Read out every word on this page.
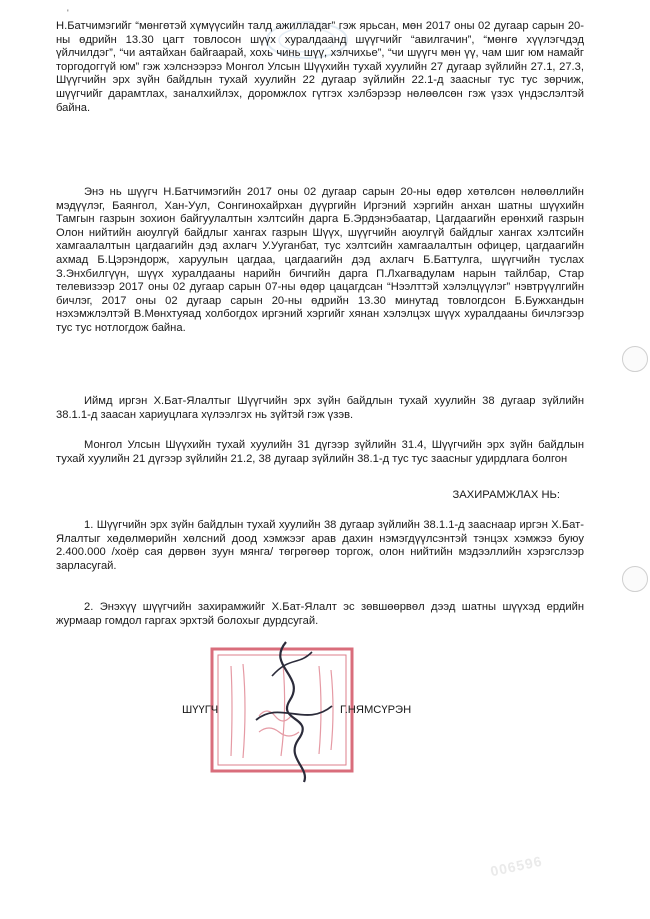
'

Н.Батчимэгийг “мөнгөтэй хүмүүсийн талд ажилладаг” гэж ярьсан, мөн 2017 оны 02 дугаар сарын 20-ны өдрийн 13.30 цагт товлосон шүүх хуралдаанд шүүгчийг “авилгачин”, “мөнгө хүүлэгчдэд үйлчилдэг”, “чи аятайхан байгаарай, хохь чинь шүү, хэлчихье”, “чи шүүгч мөн үү, чам шиг юм намайг торгодоггүй юм” гэж хэлснээрээ Монгол Улсын Шүүхийн тухай хуулийн 27 дугаар зүйлийн 27.1, 27.3, Шүүгчийн эрх зүйн байдлын тухай хуулийн 22 дугаар зүйлийн 22.1-д заасныг тус тус зөрчиж, шүүгчийг дарамтлах, заналхийлэх, доромжлох гүтгэх хэлбэрээр нөлөөлсөн гэж үзэх үндэслэлтэй байна.

Энэ нь шүүгч Н.Батчимэгийн 2017 оны 02 дугаар сарын 20-ны өдөр хөтөлсөн нөлөөллийн мэдүүлэг, Баянгол, Хан-Уул, Сонгинохайрхан дүүргийн Иргэний хэргийн анхан шатны шүүхийн Тамгын газрын зохион байгуулалтын хэлтсийн дарга Б.Эрдэнэбаатар, Цагдаагийн ерөнхий газрын Олон нийтийн аюулгүй байдлыг хангах газрын Шүүх, шүүгчийн аюулгүй байдлыг хангах хэлтсийн хамгаалалтын цагдаагийн дэд ахлагч У.Ууганбат, тус хэлтсийн хамгаалалтын офицер, цагдаагийн ахмад Б.Цэрэндорж, харуулын цагдаа, цагдаагийн дэд ахлагч Б.Баттулга, шүүгчийн туслах З.Энхбилгүүн, шүүх хуралдааны нарийн бичгийн дарга П.Лхагвадулам нарын тайлбар, Стар телевизээр 2017 оны 02 дугаар сарын 07-ны өдөр цацагдсан “Нээлттэй хэлэлцүүлэг” нэвтрүүлгийн бичлэг, 2017 оны 02 дугаар сарын 20-ны өдрийн 13.30 минутад товлогдсон Б.Бужхандын нэхэмжлэлтэй В.Мөнхтуяад холбогдох иргэний хэргийг хянан хэлэлцэх шүүх хуралдааны бичлэгээр тус тус нотлогдож байна.

Иймд иргэн Х.Бат-Ялалтыг Шүүгчийн эрх зүйн байдлын тухай хуулийн 38 дугаар зүйлийн 38.1.1-д заасан хариуцлага хүлээлгэх нь зүйтэй гэж үзэв.

Монгол Улсын Шүүхийн тухай хуулийн 31 дүгээр зүйлийн 31.4, Шүүгчийн эрх зүйн байдлын тухай хуулийн 21 дүгээр зүйлийн 21.2, 38 дугаар зүйлийн 38.1-д тус тус заасныг удирдлага болгон

ЗАХИРАМЖЛАХ НЬ:

1. Шүүгчийн эрх зүйн байдлын тухай хуулийн 38 дугаар зүйлийн 38.1.1-д зааснаар иргэн Х.Бат-Ялалтыг хөдөлмөрийн хөлсний доод хэмжээг арав дахин нэмэгдүүлсэнтэй тэнцэх хэмжээ буюу 2.400.000 /хоёр сая дөрвөн зуун мянга/ төгрөгөөр торгож, олон нийтийн мэдээллийн хэрэгслээр зарласугай.

2. Энэхүү шүүгчийн захирамжийг Х.Бат-Ялалт эс зөвшөөрвөл дээд шатны шүүхэд ердийн журмаар гомдол гаргах эрхтэй болохыг дурдсугай.

ШҮҮГЧ	Г.НЯМСҮРЭН
006596
